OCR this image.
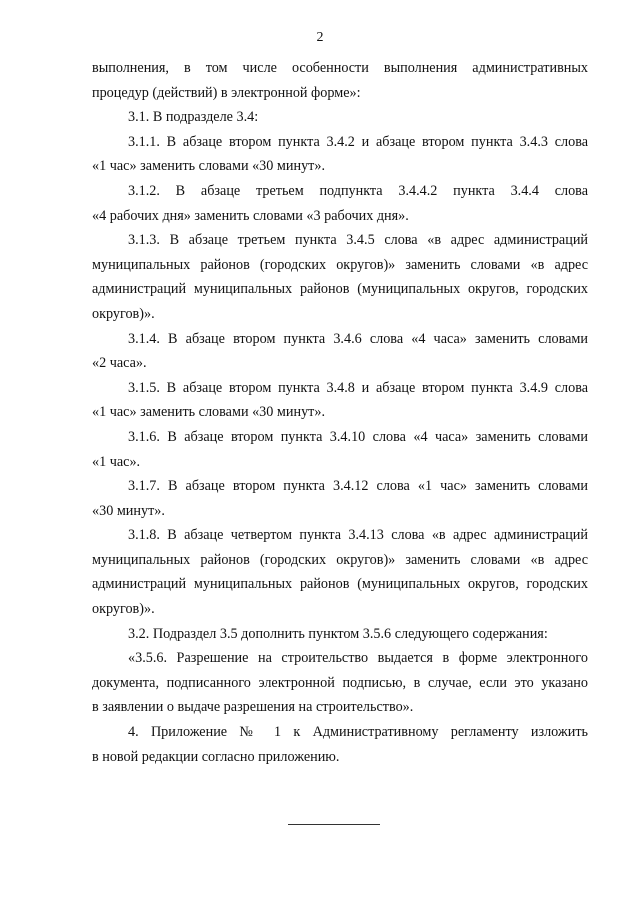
2
выполнения, в том числе особенности выполнения административных
процедур (действий) в электронной форме»:
3.1. В подразделе 3.4:
3.1.1. В абзаце втором пункта 3.4.2 и абзаце втором пункта 3.4.3 слова
«1 час» заменить словами «30 минут».
3.1.2. В абзаце третьем подпункта 3.4.4.2 пункта 3.4.4 слова
«4 рабочих дня» заменить словами «3 рабочих дня».
3.1.3. В абзаце третьем пункта 3.4.5 слова «в адрес администраций
муниципальных районов (городских округов)» заменить словами «в адрес
администраций муниципальных районов (муниципальных округов, городских
округов)».
3.1.4. В абзаце втором пункта 3.4.6 слова «4 часа» заменить словами
«2 часа».
3.1.5. В абзаце втором пункта 3.4.8 и абзаце втором пункта 3.4.9 слова
«1 час» заменить словами «30 минут».
3.1.6. В абзаце втором пункта 3.4.10 слова «4 часа» заменить словами
«1 час».
3.1.7. В абзаце втором пункта 3.4.12 слова «1 час» заменить словами
«30 минут».
3.1.8. В абзаце четвертом пункта 3.4.13 слова «в адрес администраций
муниципальных районов (городских округов)» заменить словами «в адрес
администраций муниципальных районов (муниципальных округов, городских
округов)».
3.2. Подраздел 3.5 дополнить пунктом 3.5.6 следующего содержания:
«3.5.6. Разрешение на строительство выдается в форме электронного
документа, подписанного электронной подписью, в случае, если это указано
в заявлении о выдаче разрешения на строительство».
4. Приложение № 1 к Административному регламенту изложить
в новой редакции согласно приложению.
